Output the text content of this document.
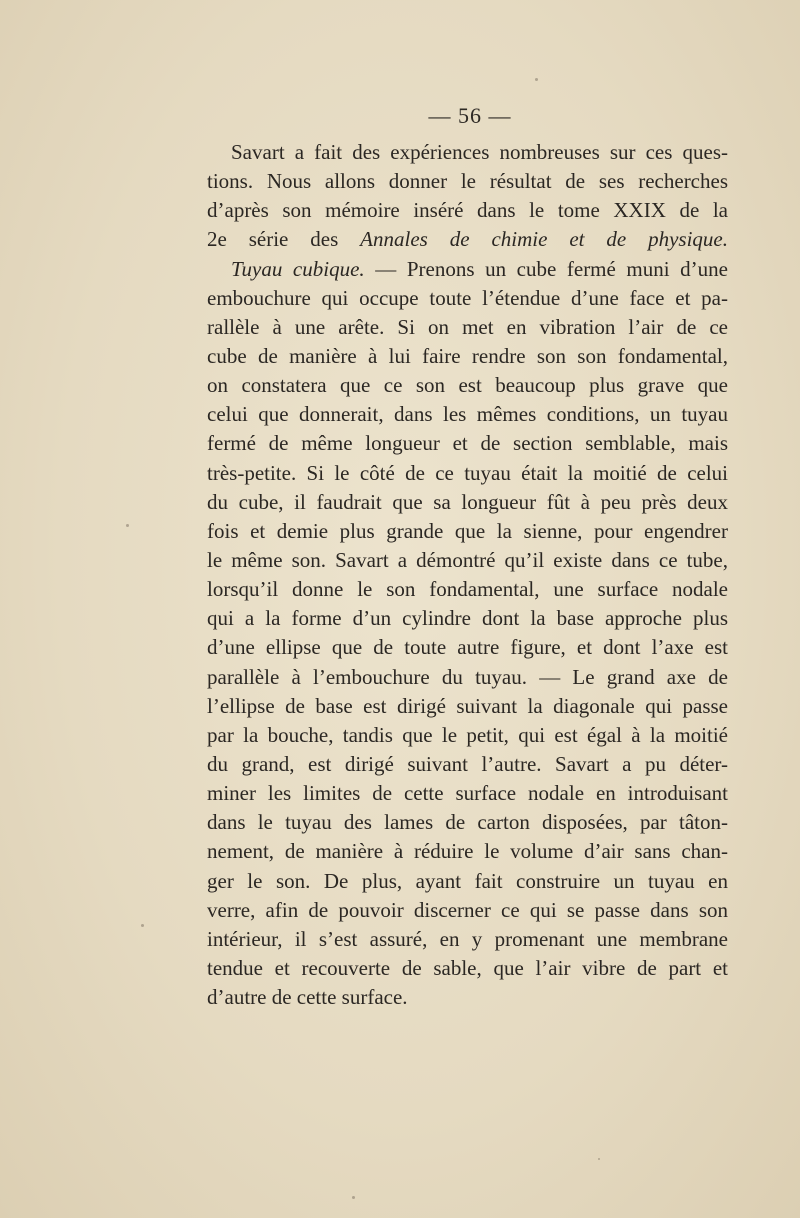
— 56 —
Savart a fait des expériences nombreuses sur ces ques-
tions. Nous allons donner le résultat de ses recherches
d’après son mémoire inséré dans le tome XXIX de la
2e série des Annales de chimie et de physique.
Tuyau cubique. — Prenons un cube fermé muni d’une
embouchure qui occupe toute l’étendue d’une face et pa-
rallèle à une arête. Si on met en vibration l’air de ce
cube de manière à lui faire rendre son son fondamental,
on constatera que ce son est beaucoup plus grave que
celui que donnerait, dans les mêmes conditions, un tuyau
fermé de même longueur et de section semblable, mais
très-petite. Si le côté de ce tuyau était la moitié de celui
du cube, il faudrait que sa longueur fût à peu près deux
fois et demie plus grande que la sienne, pour engendrer
le même son. Savart a démontré qu’il existe dans ce tube,
lorsqu’il donne le son fondamental, une surface nodale
qui a la forme d’un cylindre dont la base approche plus
d’une ellipse que de toute autre figure, et dont l’axe est
parallèle à l’embouchure du tuyau. — Le grand axe de
l’ellipse de base est dirigé suivant la diagonale qui passe
par la bouche, tandis que le petit, qui est égal à la moitié
du grand, est dirigé suivant l’autre. Savart a pu déter-
miner les limites de cette surface nodale en introduisant
dans le tuyau des lames de carton disposées, par tâton-
nement, de manière à réduire le volume d’air sans chan-
ger le son. De plus, ayant fait construire un tuyau en
verre, afin de pouvoir discerner ce qui se passe dans son
intérieur, il s’est assuré, en y promenant une membrane
tendue et recouverte de sable, que l’air vibre de part et
d’autre de cette surface.
